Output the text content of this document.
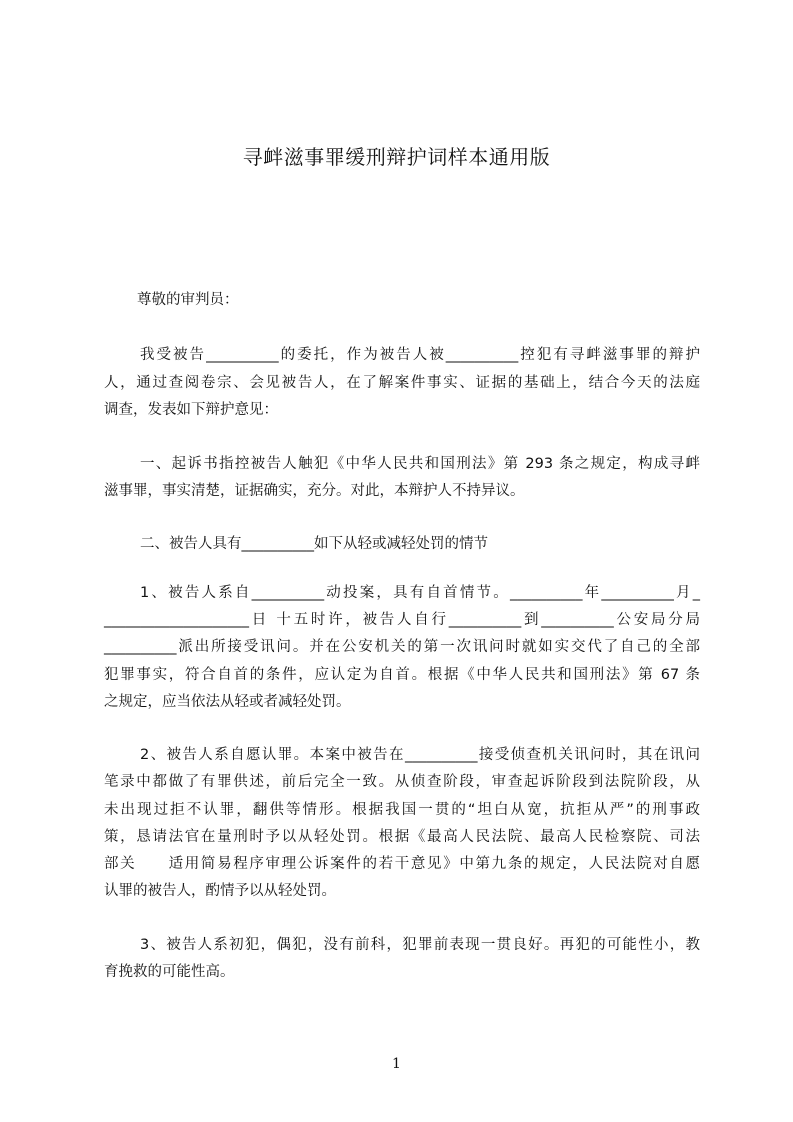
寻衅滋事罪缓刑辩护词样本通用版

尊敬的审判员：

我受被告__________的委托，作为被告人被__________控犯有寻衅滋事罪的辩护

人，通过查阅卷宗、会见被告人，在了解案件事实、证据的基础上，结合今天的法庭

调查，发表如下辩护意见：

一、起诉书指控被告人触犯《中华人民共和国刑法》第 293 条之规定，构成寻衅

滋事罪，事实清楚，证据确实，充分。对此，本辩护人不持异议。

二、被告人具有__________如下从轻或减轻处罚的情节

1、被告人系自__________动投案，具有自首情节。__________年__________月_

____________________日 十五时许，被告人自行__________到__________公安局分局

__________派出所接受讯问。并在公安机关的第一次讯问时就如实交代了自己的全部

犯罪事实，符合自首的条件，应认定为自首。根据《中华人民共和国刑法》第 67 条

之规定，应当依法从轻或者减轻处罚。

2、被告人系自愿认罪。本案中被告在__________接受侦查机关讯问时，其在讯问

笔录中都做了有罪供述，前后完全一致。从侦查阶段，审查起诉阶段到法院阶段，从

未出现过拒不认罪，翻供等情形。根据我国一贯的“坦白从宽，抗拒从严”的刑事政

策，恳请法官在量刑时予以从轻处罚。根据《最高人民法院、最高人民检察院、司法

部关　　适用简易程序审理公诉案件的若干意见》中第九条的规定，人民法院对自愿

认罪的被告人，酌情予以从轻处罚。

3、被告人系初犯，偶犯，没有前科，犯罪前表现一贯良好。再犯的可能性小，教

育挽救的可能性高。

1
